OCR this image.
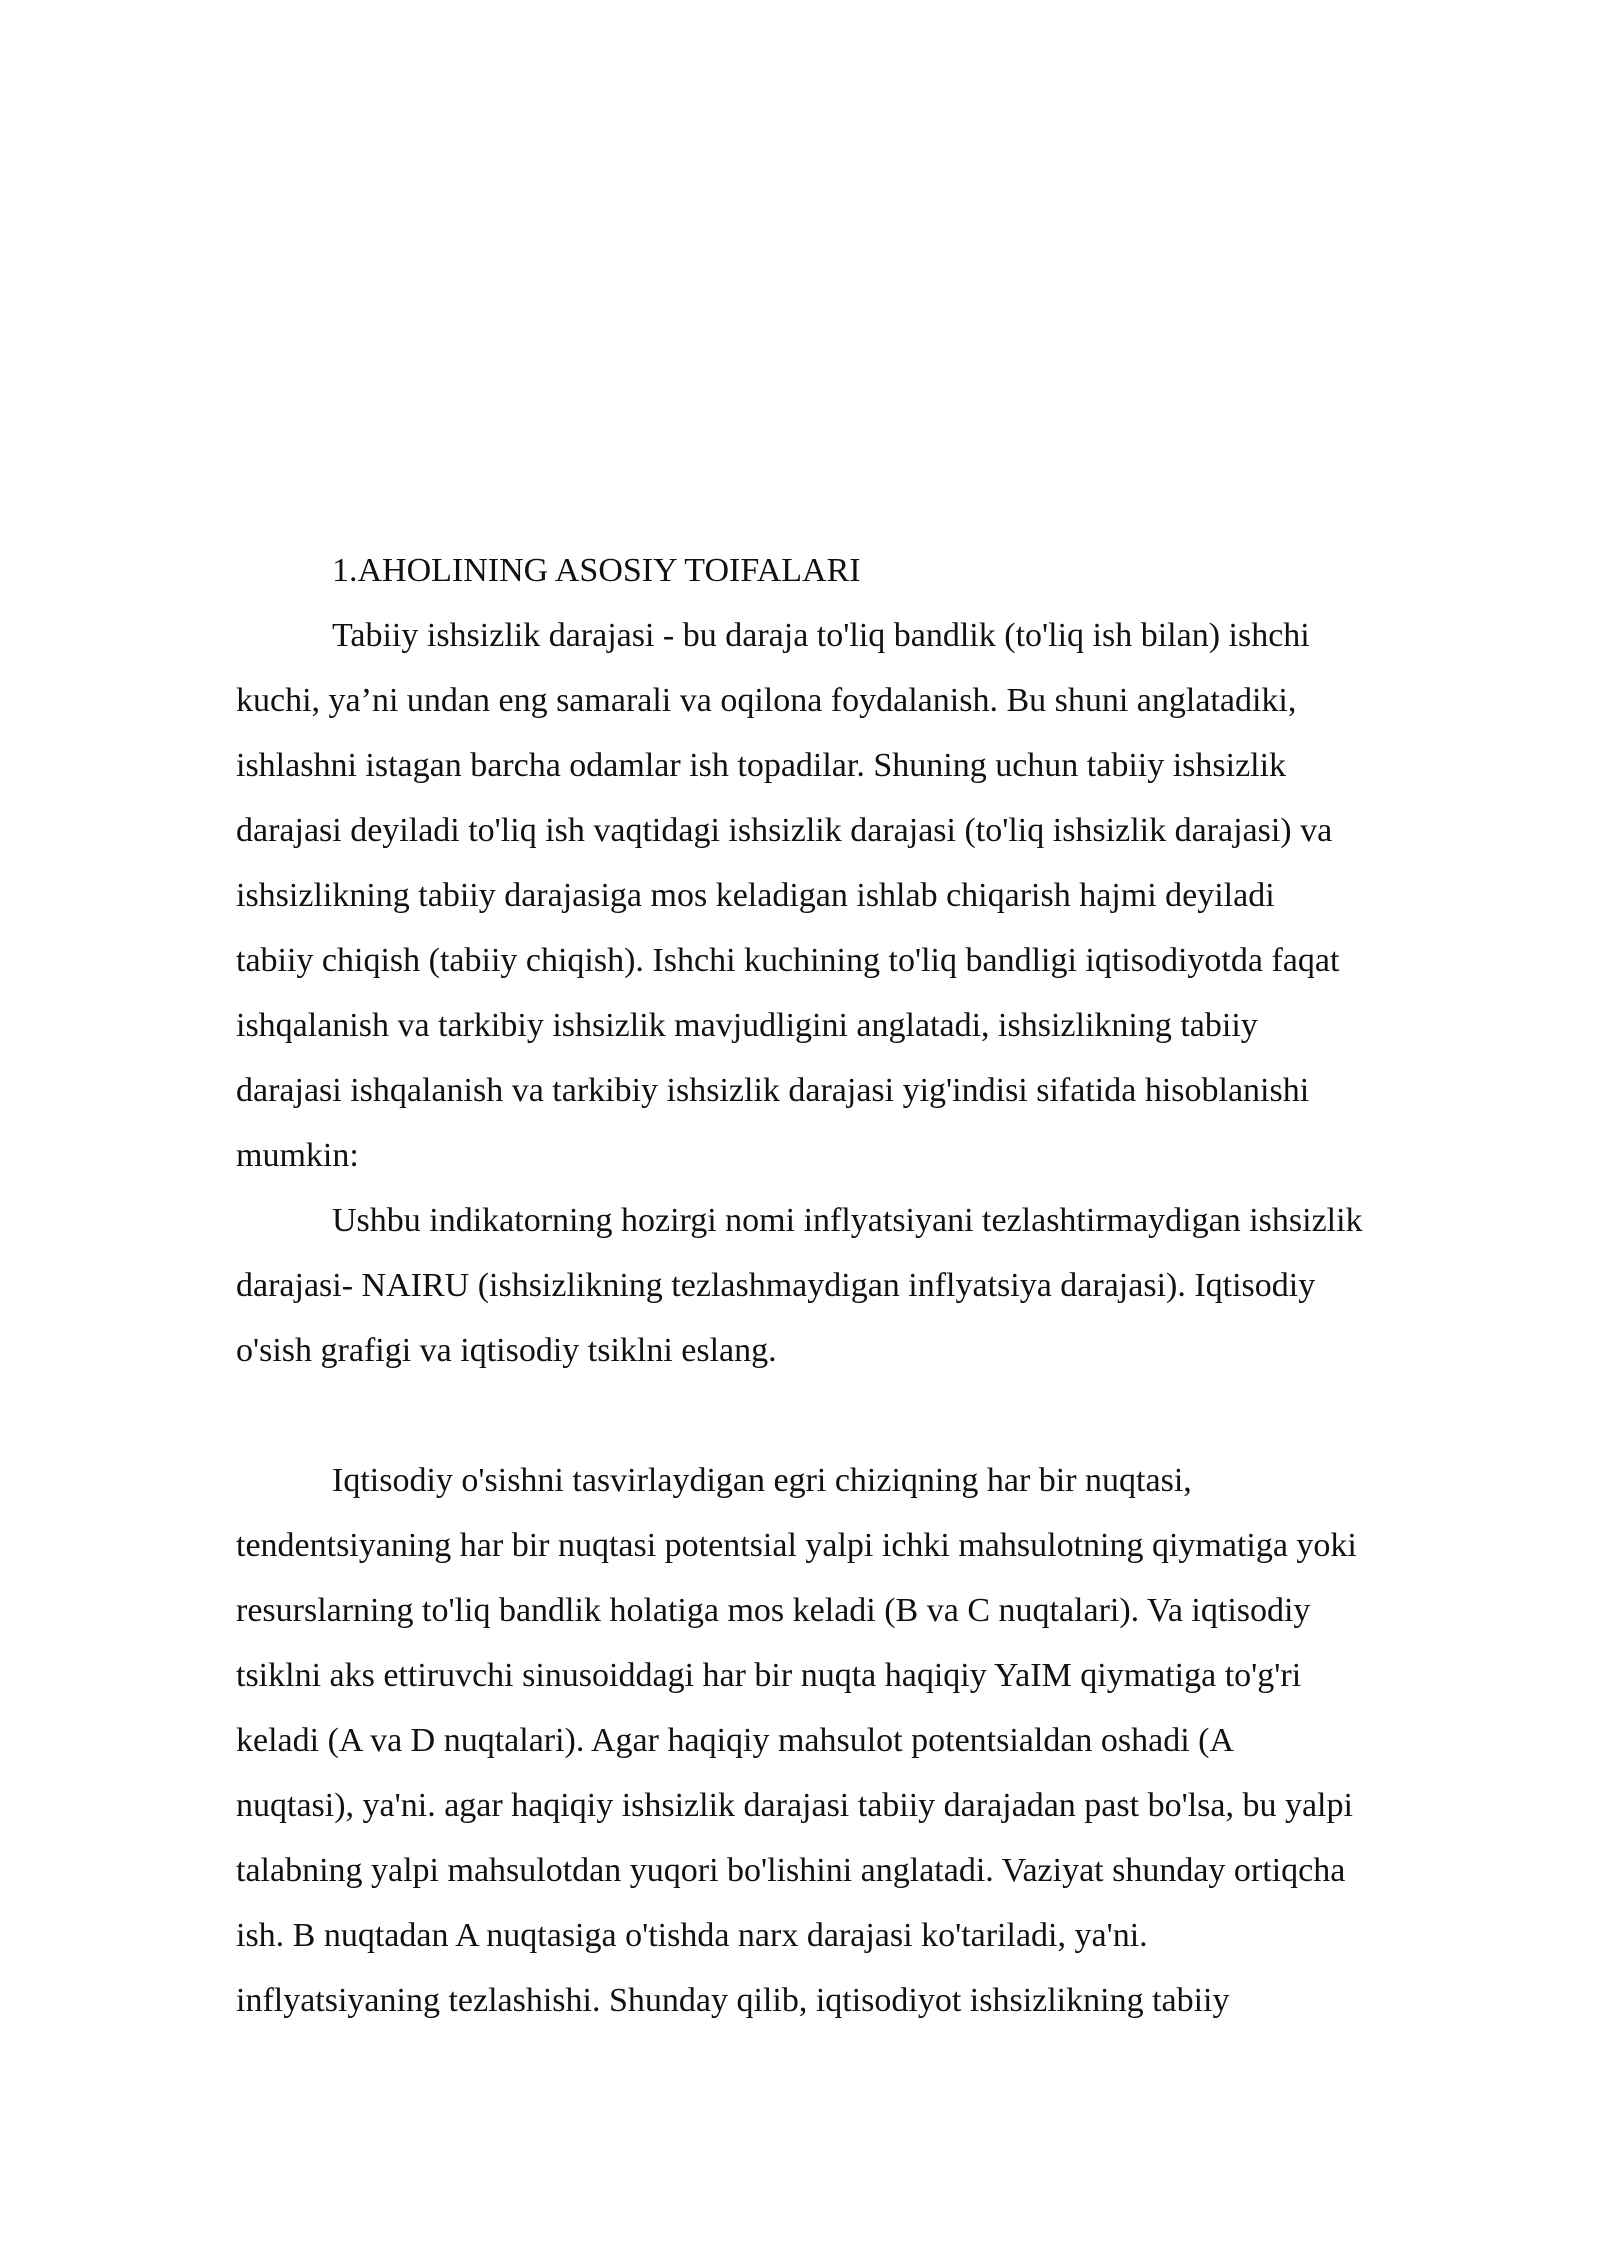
1.AHOLINING ASOSIY TOIFALARI
Tabiiy ishsizlik darajasi - bu daraja to'liq bandlik (to'liq ish bilan) ishchi
kuchi, ya’ni undan eng samarali va oqilona foydalanish. Bu shuni anglatadiki,
ishlashni istagan barcha odamlar ish topadilar. Shuning uchun tabiiy ishsizlik
darajasi deyiladi to'liq ish vaqtidagi ishsizlik darajasi (to'liq ishsizlik darajasi) va
ishsizlikning tabiiy darajasiga mos keladigan ishlab chiqarish hajmi deyiladi
tabiiy chiqish (tabiiy chiqish). Ishchi kuchining to'liq bandligi iqtisodiyotda faqat
ishqalanish va tarkibiy ishsizlik mavjudligini anglatadi, ishsizlikning tabiiy
darajasi ishqalanish va tarkibiy ishsizlik darajasi yig'indisi sifatida hisoblanishi
mumkin:
Ushbu indikatorning hozirgi nomi inflyatsiyani tezlashtirmaydigan ishsizlik
darajasi- NAIRU (ishsizlikning tezlashmaydigan inflyatsiya darajasi). Iqtisodiy
o'sish grafigi va iqtisodiy tsiklni eslang.
Iqtisodiy o'sishni tasvirlaydigan egri chiziqning har bir nuqtasi,
tendentsiyaning har bir nuqtasi potentsial yalpi ichki mahsulotning qiymatiga yoki
resurslarning to'liq bandlik holatiga mos keladi (B va C nuqtalari). Va iqtisodiy
tsiklni aks ettiruvchi sinusoiddagi har bir nuqta haqiqiy YaIM qiymatiga to'g'ri
keladi (A va D nuqtalari). Agar haqiqiy mahsulot potentsialdan oshadi (A
nuqtasi), ya'ni. agar haqiqiy ishsizlik darajasi tabiiy darajadan past bo'lsa, bu yalpi
talabning yalpi mahsulotdan yuqori bo'lishini anglatadi. Vaziyat shunday ortiqcha
ish. B nuqtadan A nuqtasiga o'tishda narx darajasi ko'tariladi, ya'ni.
inflyatsiyaning tezlashishi. Shunday qilib, iqtisodiyot ishsizlikning tabiiy
